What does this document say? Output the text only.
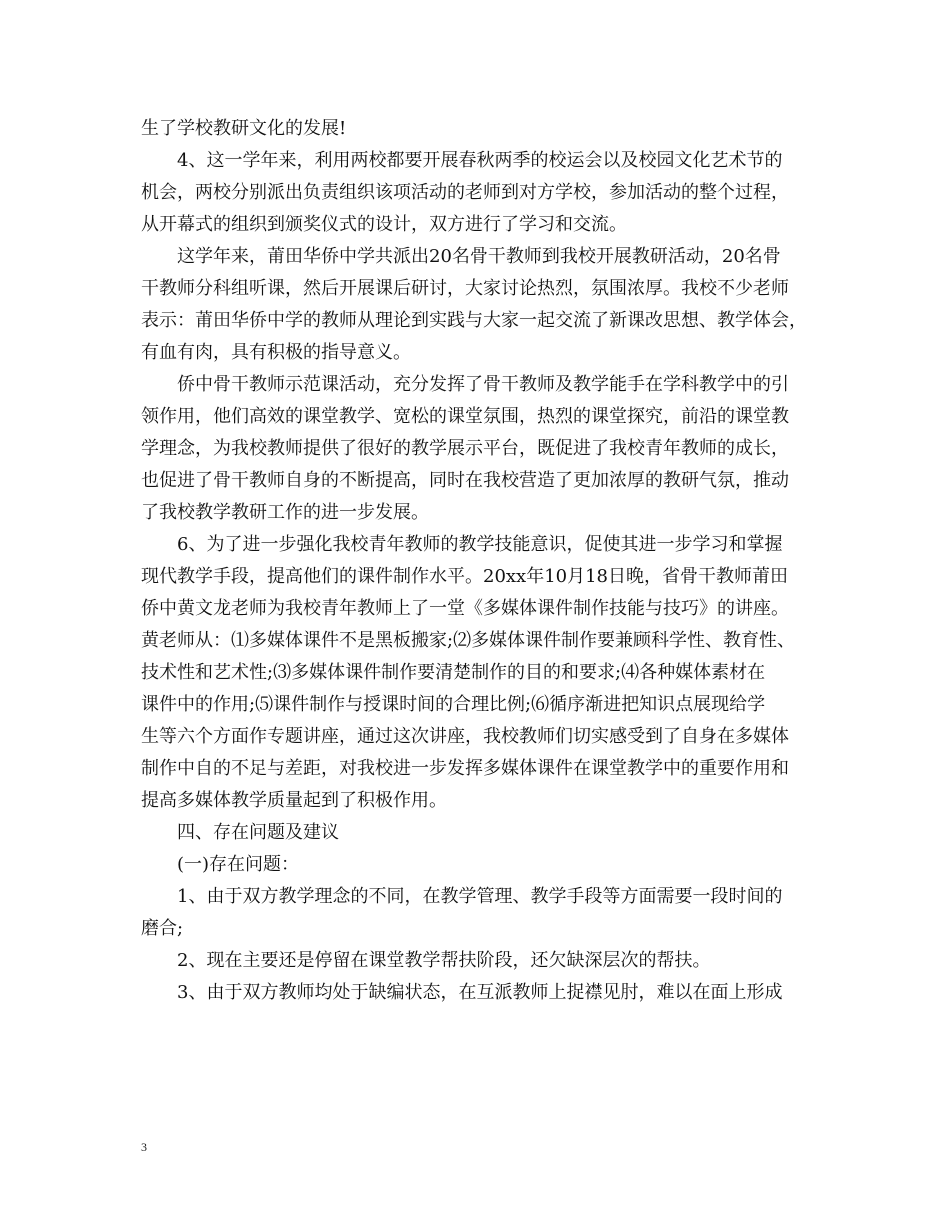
生了学校教研文化的发展!
4、这一学年来，利用两校都要开展春秋两季的校运会以及校园文化艺术节的
机会，两校分别派出负责组织该项活动的老师到对方学校，参加活动的整个过程，
从开幕式的组织到颁奖仪式的设计，双方进行了学习和交流。
这学年来，莆田华侨中学共派出20名骨干教师到我校开展教研活动，20名骨
干教师分科组听课，然后开展课后研讨，大家讨论热烈，氛围浓厚。我校不少老师
表示：莆田华侨中学的教师从理论到实践与大家一起交流了新课改思想、教学体会，
有血有肉，具有积极的指导意义。
侨中骨干教师示范课活动，充分发挥了骨干教师及教学能手在学科教学中的引
领作用，他们高效的课堂教学、宽松的课堂氛围，热烈的课堂探究，前沿的课堂教
学理念，为我校教师提供了很好的教学展示平台，既促进了我校青年教师的成长，
也促进了骨干教师自身的不断提高，同时在我校营造了更加浓厚的教研气氛，推动
了我校教学教研工作的进一步发展。
6、为了进一步强化我校青年教师的教学技能意识，促使其进一步学习和掌握
现代教学手段，提高他们的课件制作水平。20xx年10月18日晚，省骨干教师莆田
侨中黄文龙老师为我校青年教师上了一堂《多媒体课件制作技能与技巧》的讲座。
黄老师从：⑴多媒体课件不是黑板搬家;⑵多媒体课件制作要兼顾科学性、教育性、
技术性和艺术性;⑶多媒体课件制作要清楚制作的目的和要求;⑷各种媒体素材在
课件中的作用;⑸课件制作与授课时间的合理比例;⑹循序渐进把知识点展现给学
生等六个方面作专题讲座，通过这次讲座，我校教师们切实感受到了自身在多媒体
制作中自的不足与差距，对我校进一步发挥多媒体课件在课堂教学中的重要作用和
提高多媒体教学质量起到了积极作用。
四、存在问题及建议
(一)存在问题：
1、由于双方教学理念的不同，在教学管理、教学手段等方面需要一段时间的
磨合;
2、现在主要还是停留在课堂教学帮扶阶段，还欠缺深层次的帮扶。
3、由于双方教师均处于缺编状态，在互派教师上捉襟见肘，难以在面上形成
3
